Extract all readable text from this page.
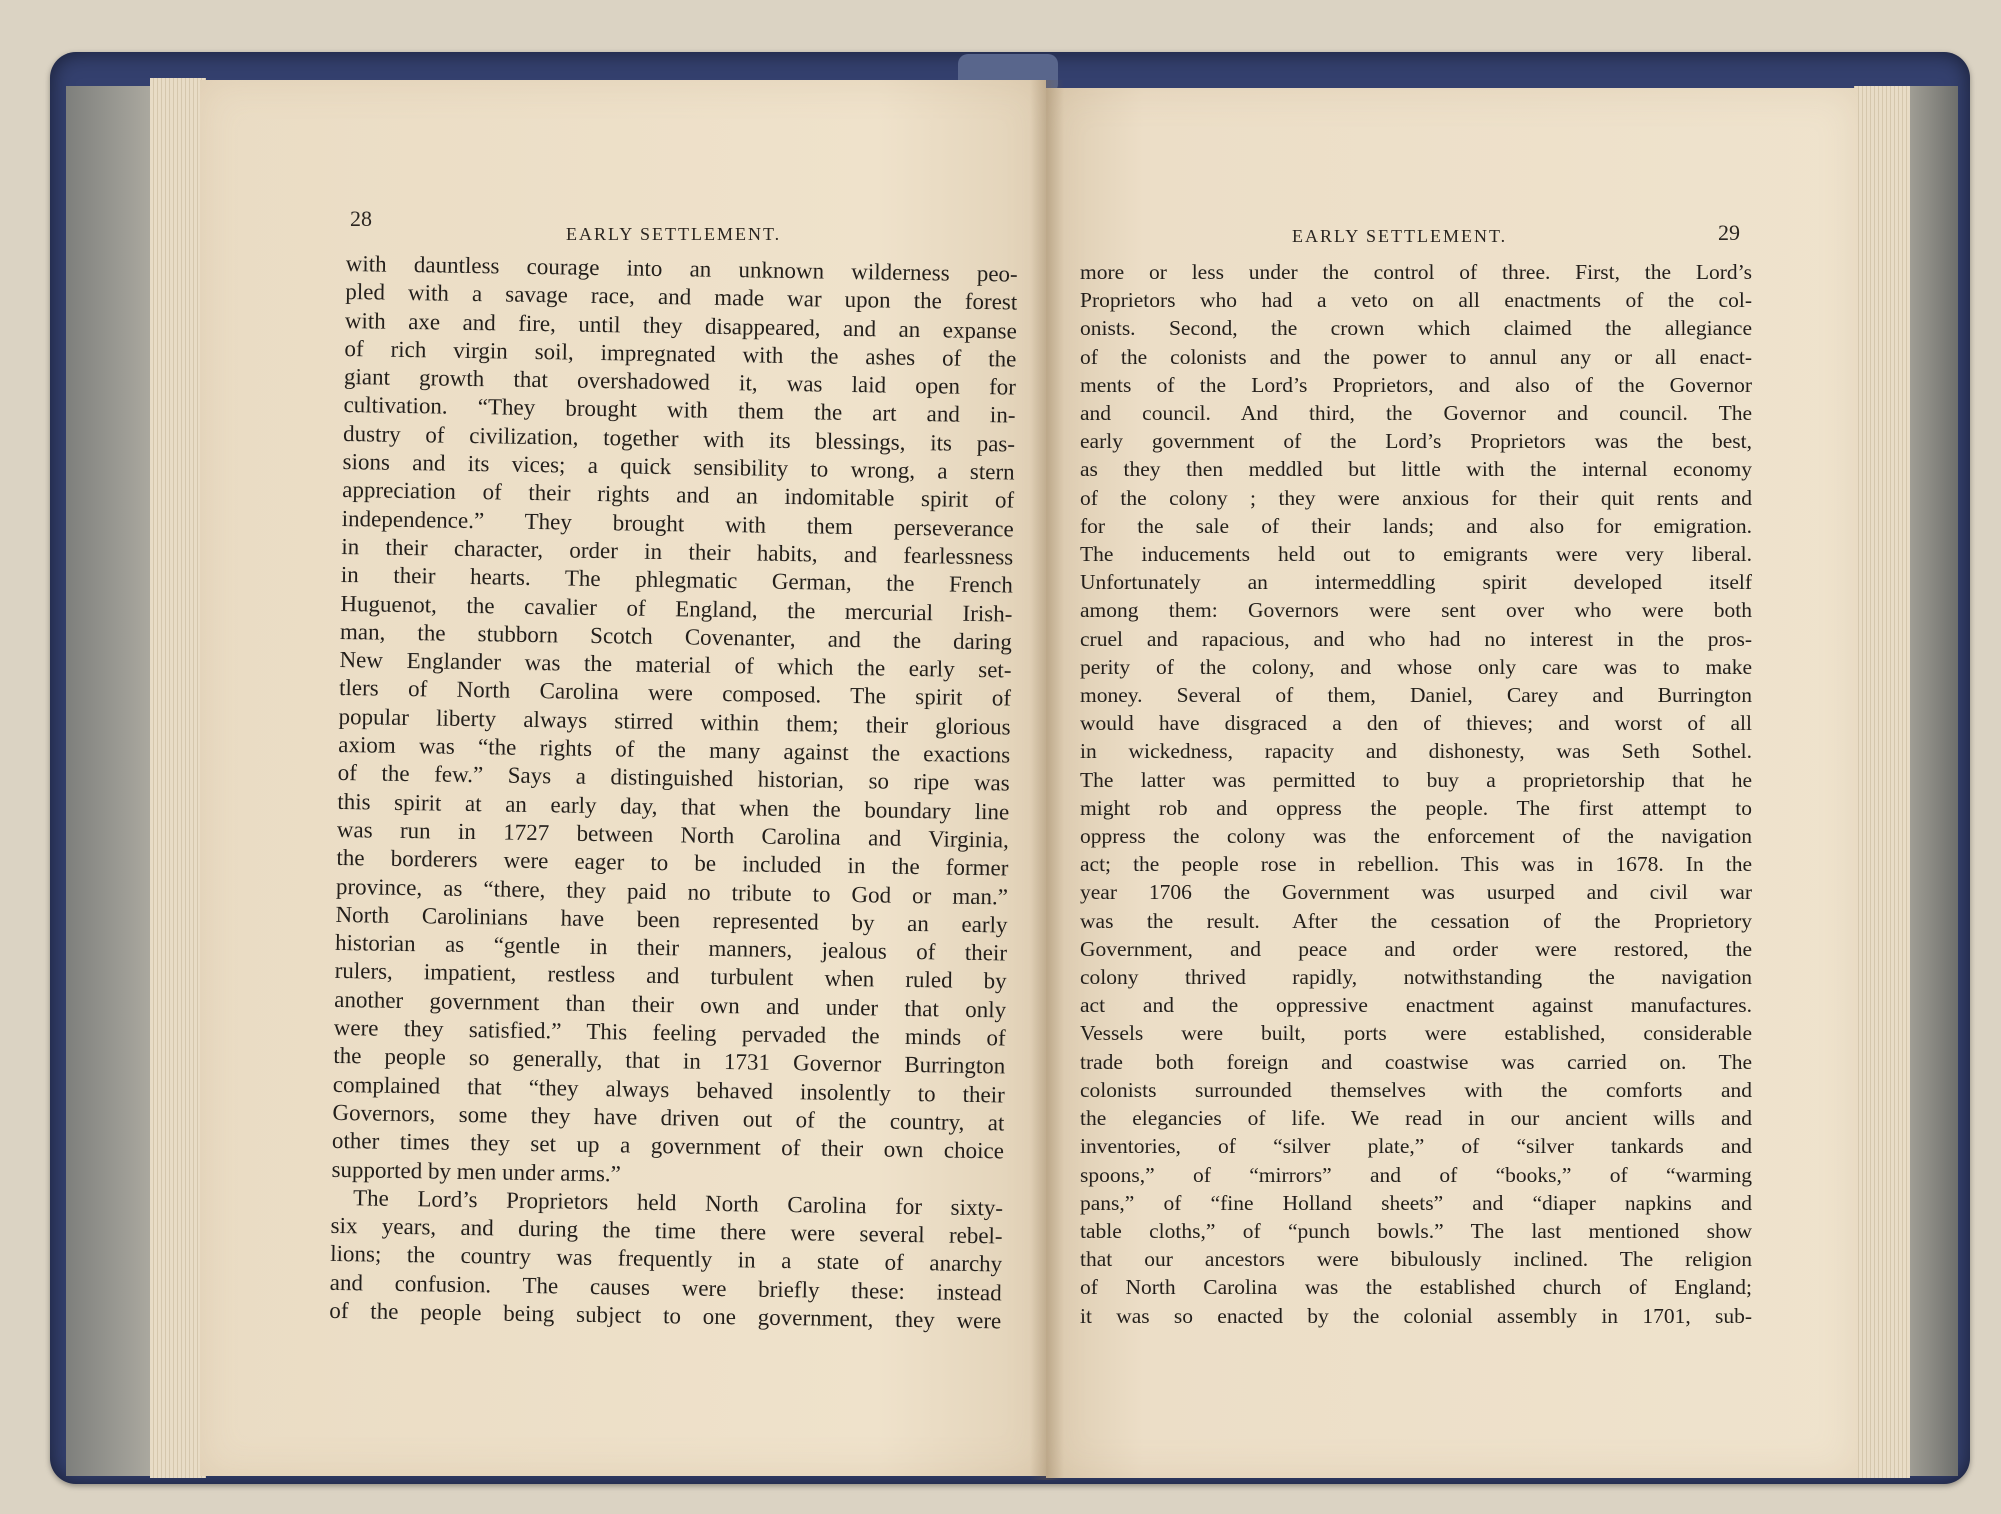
28
EARLY SETTLEMENT.	29
EARLY SETTLEMENT.
with dauntless courage into an unknown wilderness peo-
pled with a savage race, and made war upon the forest
with axe and fire, until they disappeared, and an expanse
of rich virgin soil, impregnated with the ashes of the
giant growth that overshadowed it, was laid open for
cultivation. “They brought with them the art and in-
dustry of civilization, together with its blessings, its pas-
sions and its vices; a quick sensibility to wrong, a stern
appreciation of their rights and an indomitable spirit of
independence.” They brought with them perseverance
in their character, order in their habits, and fearlessness
in their hearts. The phlegmatic German, the French
Huguenot, the cavalier of England, the mercurial Irish-
man, the stubborn Scotch Covenanter, and the daring
New Englander was the material of which the early set-
tlers of North Carolina were composed. The spirit of
popular liberty always stirred within them; their glorious
axiom was “the rights of the many against the exactions
of the few.” Says a distinguished historian, so ripe was
this spirit at an early day, that when the boundary line
was run in 1727 between North Carolina and Virginia,
the borderers were eager to be included in the former
province, as “there, they paid no tribute to God or man.”
North Carolinians have been represented by an early
historian as “gentle in their manners, jealous of their
rulers, impatient, restless and turbulent when ruled by
another government than their own and under that only
were they satisfied.” This feeling pervaded the minds of
the people so generally, that in 1731 Governor Burrington
complained that “they always behaved insolently to their
Governors, some they have driven out of the country, at
other times they set up a government of their own choice
supported by men under arms.”
The Lord’s Proprietors held North Carolina for sixty-
six years, and during the time there were several rebel-
lions; the country was frequently in a state of anarchy
and confusion. The causes were briefly these: instead
of the people being subject to one government, they were
more or less under the control of three. First, the Lord’s
Proprietors who had a veto on all enactments of the col-
onists. Second, the crown which claimed the allegiance
of the colonists and the power to annul any or all enact-
ments of the Lord’s Proprietors, and also of the Governor
and council. And third, the Governor and council. The
early government of the Lord’s Proprietors was the best,
as they then meddled but little with the internal economy
of the colony ; they were anxious for their quit rents and
for the sale of their lands; and also for emigration.
The inducements held out to emigrants were very liberal.
Unfortunately an intermeddling spirit developed itself
among them: Governors were sent over who were both
cruel and rapacious, and who had no interest in the pros-
perity of the colony, and whose only care was to make
money. Several of them, Daniel, Carey and Burrington
would have disgraced a den of thieves; and worst of all
in wickedness, rapacity and dishonesty, was Seth Sothel.
The latter was permitted to buy a proprietorship that he
might rob and oppress the people. The first attempt to
oppress the colony was the enforcement of the navigation
act; the people rose in rebellion. This was in 1678. In the
year 1706 the Government was usurped and civil war
was the result. After the cessation of the Proprietory
Government, and peace and order were restored, the
colony thrived rapidly, notwithstanding the navigation
act and the oppressive enactment against manufactures.
Vessels were built, ports were established, considerable
trade both foreign and coastwise was carried on. The
colonists surrounded themselves with the comforts and
the elegancies of life. We read in our ancient wills and
inventories, of “silver plate,” of “silver tankards and
spoons,” of “mirrors” and of “books,” of “warming
pans,” of “fine Holland sheets” and “diaper napkins and
table cloths,” of “punch bowls.” The last mentioned show
that our ancestors were bibulously inclined. The religion
of North Carolina was the established church of England;
it was so enacted by the colonial assembly in 1701, sub-
